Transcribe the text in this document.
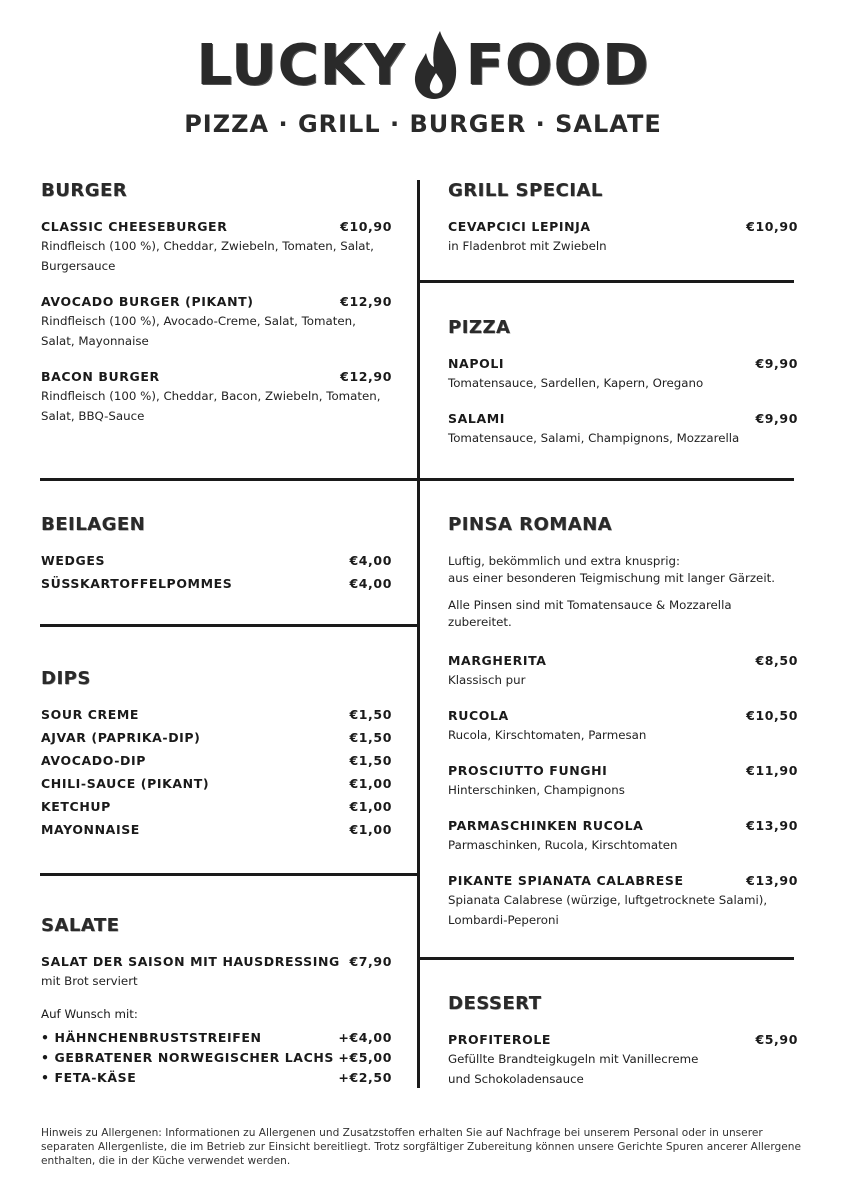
LUCKY FOOD
PIZZA · GRILL · BURGER · SALATE
BURGER
CLASSIC CHEESEBURGER	€10,90
Rindfleisch (100 %), Cheddar, Zwiebeln, Tomaten, Salat, Burgersauce
AVOCADO BURGER (PIKANT)	€12,90
Rindfleisch (100 %), Avocado-Creme, Salat, Tomaten, Salat, Mayonnaise
BACON BURGER	€12,90
Rindfleisch (100 %), Cheddar, Bacon, Zwiebeln, Tomaten, Salat, BBQ-Sauce
GRILL SPECIAL
CEVAPCICI LEPINJA	€10,90
in Fladenbrot mit Zwiebeln
PIZZA
NAPOLI	€9,90
Tomatensauce, Sardellen, Kapern, Oregano
SALAMI	€9,90
Tomatensauce, Salami, Champignons, Mozzarella
BEILAGEN
WEDGES	€4,00
SÜSSKARTOFFELPOMMES	€4,00
PINSA ROMANA
Luftig, bekömmlich und extra knusprig:
aus einer besonderen Teigmischung mit langer Gärzeit.
Alle Pinsen sind mit Tomatensauce & Mozzarella zubereitet.
MARGHERITA	€8,50
Klassisch pur
RUCOLA	€10,50
Rucola, Kirschtomaten, Parmesan
PROSCIUTTO FUNGHI	€11,90
Hinterschinken, Champignons
PARMASCHINKEN RUCOLA	€13,90
Parmaschinken, Rucola, Kirschtomaten
PIKANTE SPIANATA CALABRESE	€13,90
Spianata Calabrese (würzige, luftgetrocknete Salami), Lombardi-Peperoni
DIPS
SOUR CREME	€1,50
AJVAR (PAPRIKA-DIP)	€1,50
AVOCADO-DIP	€1,50
CHILI-SAUCE (PIKANT)	€1,00
KETCHUP	€1,00
MAYONNAISE	€1,00
SALATE
SALAT DER SAISON MIT HAUSDRESSING €7,90
mit Brot serviert
Auf Wunsch mit:
• HÄHNCHENBRUSTSTREIFEN	+€4,00
• GEBRATENER NORWEGISCHER LACHS +€5,00
• FETA-KÄSE	+€2,50
DESSERT
PROFITEROLE	€5,90
Gefüllte Brandteigkugeln mit Vanillecreme und Schokoladensauce
Hinweis zu Allergenen: Informationen zu Allergenen und Zusatzstoffen erhalten Sie auf Nachfrage bei unserem Personal oder in unserer separaten Allergenliste, die im Betrieb zur Einsicht bereitliegt. Trotz sorgfältiger Zubereitung können unsere Gerichte Spuren ancerer Allergene enthalten, die in der Küche verwendet werden.
